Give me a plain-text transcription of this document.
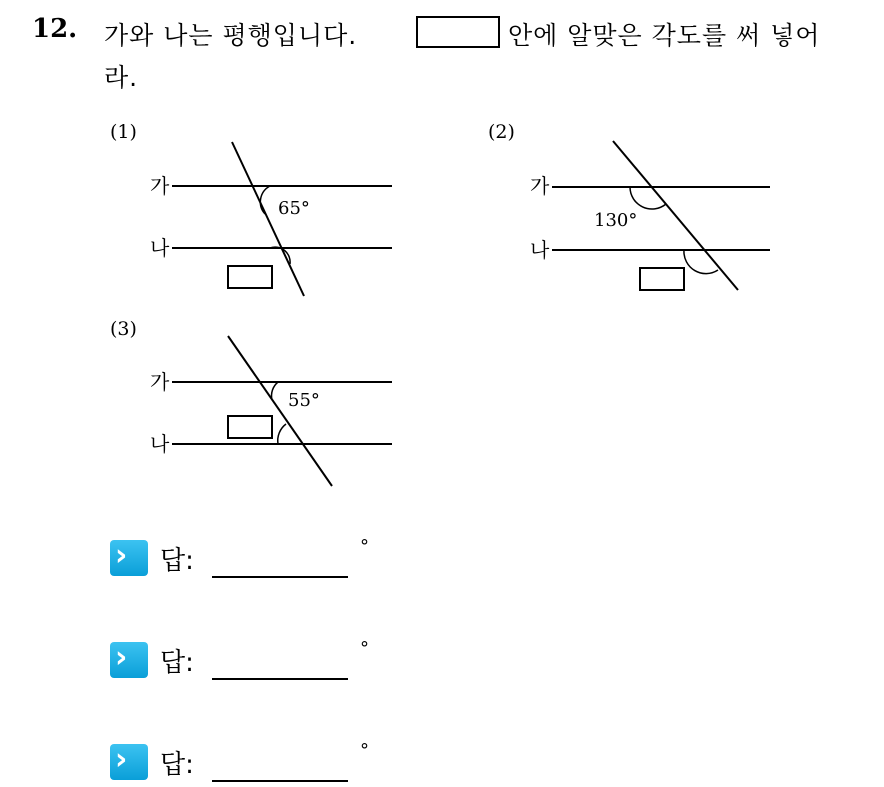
12. 가와 나는 평행입니다.	안에 알맞은 각도를 써 넣어
라.
(1)
가
나
65°
(2)
가
나
130°
(3)
가
나
55°
› 답:	°
› 답:	°
› 답:	°
